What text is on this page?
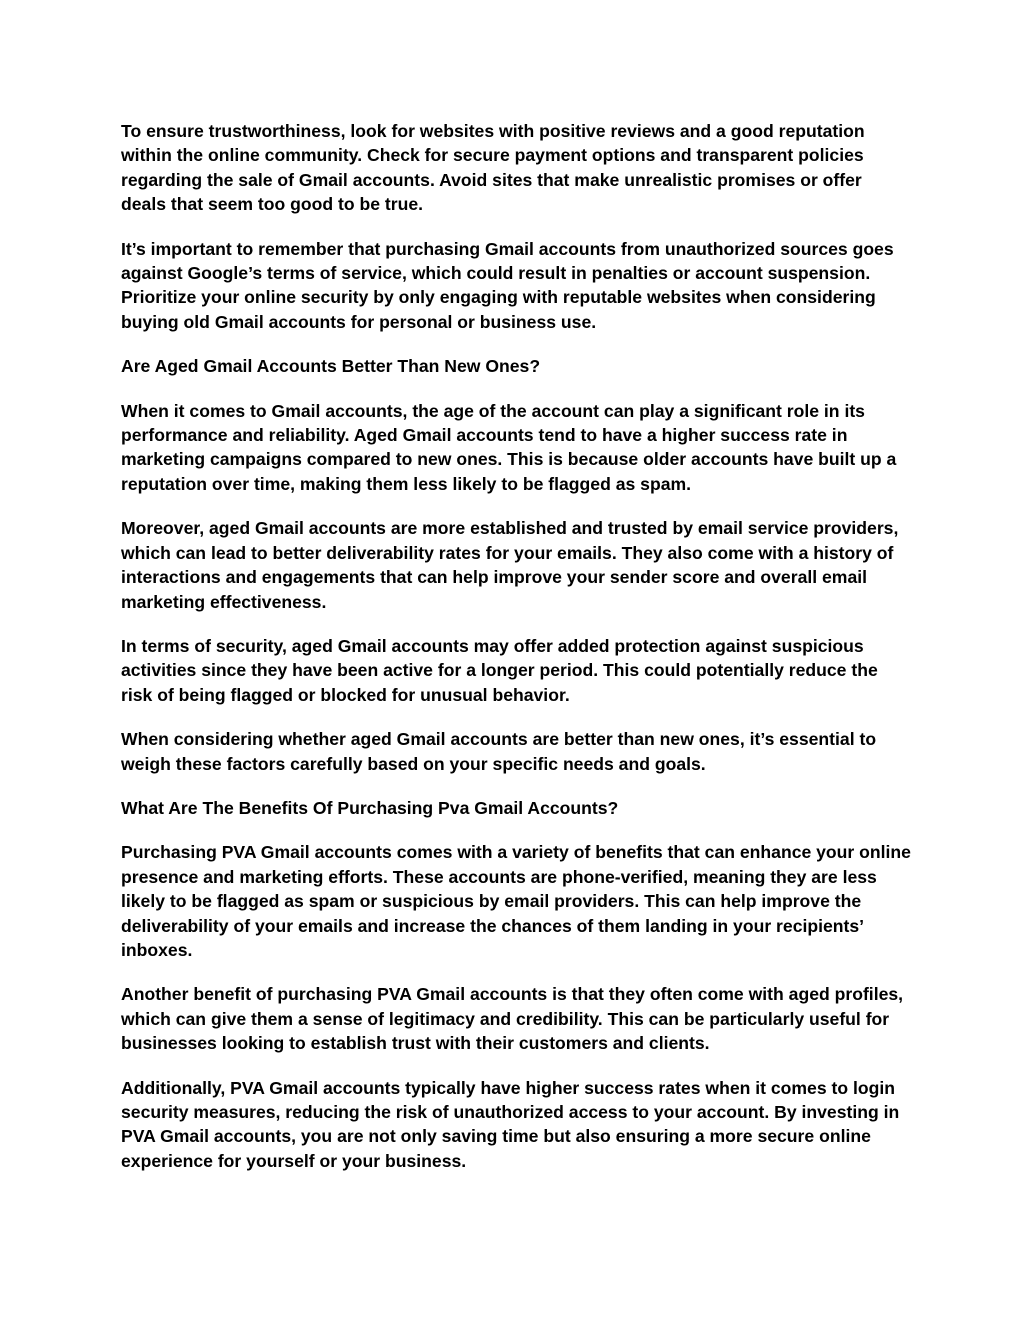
To ensure trustworthiness, look for websites with positive reviews and a good reputation within the online community. Check for secure payment options and transparent policies regarding the sale of Gmail accounts. Avoid sites that make unrealistic promises or offer deals that seem too good to be true.

It’s important to remember that purchasing Gmail accounts from unauthorized sources goes against Google’s terms of service, which could result in penalties or account suspension. Prioritize your online security by only engaging with reputable websites when considering buying old Gmail accounts for personal or business use.

Are Aged Gmail Accounts Better Than New Ones?

When it comes to Gmail accounts, the age of the account can play a significant role in its performance and reliability. Aged Gmail accounts tend to have a higher success rate in marketing campaigns compared to new ones. This is because older accounts have built up a reputation over time, making them less likely to be flagged as spam.

Moreover, aged Gmail accounts are more established and trusted by email service providers, which can lead to better deliverability rates for your emails. They also come with a history of interactions and engagements that can help improve your sender score and overall email marketing effectiveness.

In terms of security, aged Gmail accounts may offer added protection against suspicious activities since they have been active for a longer period. This could potentially reduce the risk of being flagged or blocked for unusual behavior.

When considering whether aged Gmail accounts are better than new ones, it’s essential to weigh these factors carefully based on your specific needs and goals.

What Are The Benefits Of Purchasing Pva Gmail Accounts?

Purchasing PVA Gmail accounts comes with a variety of benefits that can enhance your online presence and marketing efforts. These accounts are phone-verified, meaning they are less likely to be flagged as spam or suspicious by email providers. This can help improve the deliverability of your emails and increase the chances of them landing in your recipients’ inboxes.

Another benefit of purchasing PVA Gmail accounts is that they often come with aged profiles, which can give them a sense of legitimacy and credibility. This can be particularly useful for businesses looking to establish trust with their customers and clients.

Additionally, PVA Gmail accounts typically have higher success rates when it comes to login security measures, reducing the risk of unauthorized access to your account. By investing in PVA Gmail accounts, you are not only saving time but also ensuring a more secure online experience for yourself or your business.
